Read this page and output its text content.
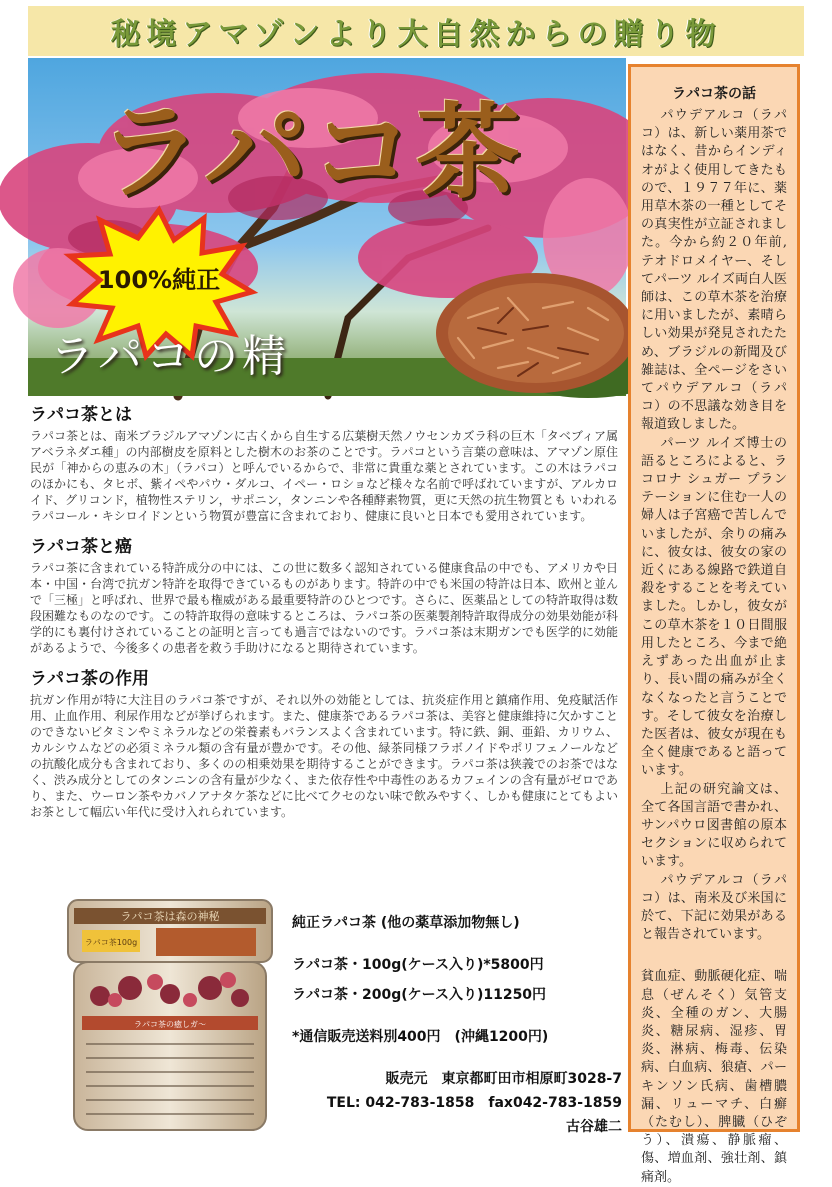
秘境アマゾンより大自然からの贈り物
ラパコ茶
100%純正
ラパコの精
ラパコ茶の話

パウデアルコ（ラパコ）は、新しい薬用茶ではなく、昔からインディオがよく使用してきたもので、１９７７年に、薬用草木茶の一種としてその真実性が立証されました。今から約２０年前,テオドロメイヤー、そしてパーツ ルイズ両白人医師は、この草木茶を治療に用いましたが、素晴らしい効果が発見されたため、ブラジルの新聞及び雑誌は、全ページをさいてパウデアルコ（ラパコ）の不思議な効き目を報道致しました。

パーツ ルイズ博士の語るところによると、ラコロナ シュガー プランテーションに住む一人の婦人は子宮癌で苦しんでいましたが、余りの痛みに、彼女は、彼女の家の近くにある線路で鉄道自殺をすることを考えていました。しかし，彼女がこの草木茶を１０日間服用したところ、今まで絶えずあった出血が止まり、長い間の痛みが全くなくなったと言うことです。そして彼女を治療した医者は、彼女が現在も全く健康であると語っています。

上記の研究論文は、全て各国言語で書かれ、サンパウロ図書館の原本セクションに収められています。

パウデアルコ（ラパコ）は、南米及び米国に於て、下記に効果があると報告されています。

貧血症、動脈硬化症、喘息（ぜんそく）気管支炎、全種のガン、大腸炎、糖尿病、湿疹、胃炎、淋病、梅毒、伝染病、白血病、狼瘡、パーキンソン氏病、歯槽膿漏、リューマチ、白癬（たむし）、脾臓（ひぞう）、潰瘍、静脈瘤、傷、増血剤、強壮剤、鎮痛剤。
ラパコ茶とは
ラパコ茶とは、南米ブラジルアマゾンに古くから自生する広葉樹天然ノウセンカズラ科の巨木「タベブィア属アベラネダエ種」の内部樹皮を原料とした樹木のお茶のことです。ラパコという言葉の意味は、アマゾン原住民が「神からの恵みの木」（ラパコ）と呼んでいるからで、非常に貴重な薬とされています。この木はラパコのほかにも、タヒボ、紫イペやパウ・ダルコ、イペー・ロショなど様々な名前で呼ばれていますが、アルカロイド、グリコンド，植物性ステリン，サポニン，タンニンや各種酵素物質，更に天然の抗生物質とも いわれるラパコール・キシロイドンという物質が豊富に含まれており、健康に良いと日本でも愛用されています。
ラパコ茶と癌
ラパコ茶に含まれている特許成分の中には、この世に数多く認知されている健康食品の中でも、アメリカや日本・中国・台湾で抗ガン特許を取得できているものがあります。特許の中でも米国の特許は日本、欧州と並んで「三極」と呼ばれ、世界で最も権威がある最重要特許のひとつです。さらに、医薬品としての特許取得は数段困難なものなのです。この特許取得の意味するところは、ラパコ茶の医薬製剤特許取得成分の効果効能が科学的にも裏付けされていることの証明と言っても過言ではないのです。ラパコ茶は末期ガンでも医学的に効能があるようで、今後多くの患者を救う手助けになると期待されています。
ラパコ茶の作用
抗ガン作用が特に大注目のラパコ茶ですが、それ以外の効能としては、抗炎症作用と鎮痛作用、免疫賦活作用、止血作用、利尿作用などが挙げられます。また、健康茶であるラパコ茶は、美容と健康維持に欠かすことのできないビタミンやミネラルなどの栄養素もバランスよく含まれています。特に鉄、銅、亜鉛、カリウム、カルシウムなどの必須ミネラル類の含有量が豊かです。その他、緑茶同様フラボノイドやポリフェノールなどの抗酸化成分も含まれており、多くのの相乗効果を期待することができます。ラパコ茶は狭義でのお茶ではなく、渋み成分としてのタンニンの含有量が少なく、また依存性や中毒性のあるカフェインの含有量がゼロであり、また、ウーロン茶やカバノアナタケ茶などに比べてクセのない味で飲みやすく、しかも健康にとてもよいお茶として幅広い年代に受け入れられています。
ラパコ茶は森の神秘
ラパコ茶100g
ラパコ茶の癒しガ〜
純正ラパコ茶 (他の薬草添加物無し)
ラパコ茶・100g(ケース入り)*5800円
ラパコ茶・200g(ケース入り)11250円
*通信販売送料別400円　(沖縄1200円)
販売元　東京都町田市相原町3028-7
TEL: 042-783-1858　fax042-783-1859
古谷雄二
